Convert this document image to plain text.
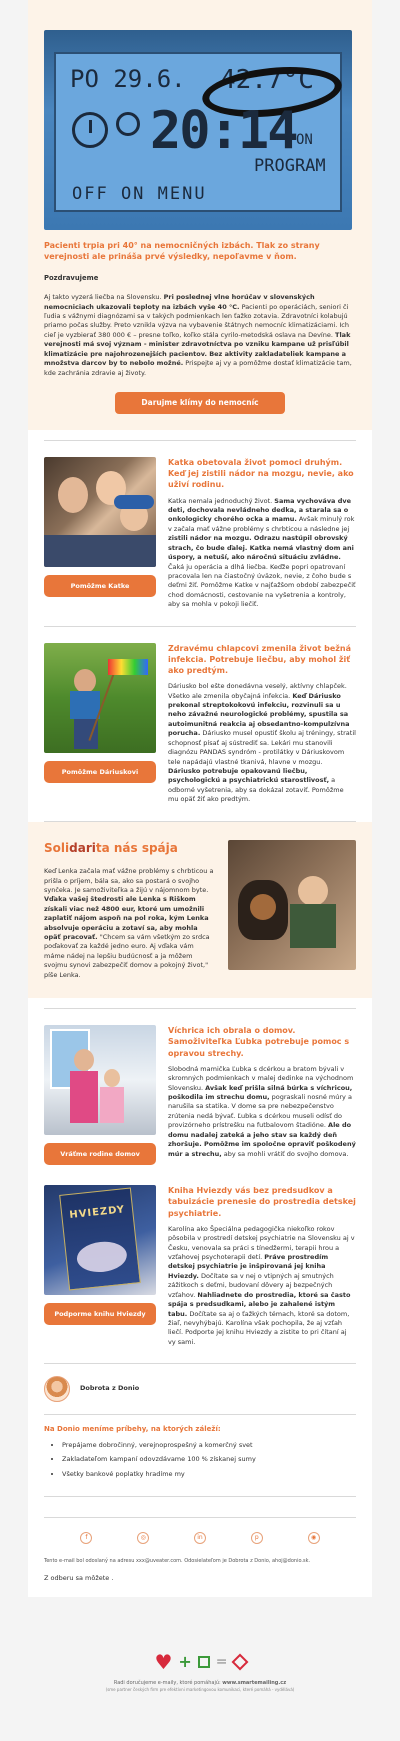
PO 29.6. 42.7°C
20:14 ON
PROGRAM
OFF ON MENU
Pacienti trpia pri 40° na nemocničných izbách. Tlak zo strany verejnosti ale prináša prvé výsledky, nepoľavme v ňom.
Pozdravujeme

Aj takto vyzerá liečba na Slovensku. Pri poslednej vlne horúčav v slovenských nemocniciach ukazovali teploty na izbách vyše 40 °C. Pacienti po operáciách, seniori či ľudia s vážnymi diagnózami sa v takých podmienkach len ťažko zotavia. Zdravotníci kolabujú priamo počas služby. Preto vznikla výzva na vybavenie štátnych nemocníc klimatizáciami. Ich cieľ je vyzbierať 380 000 € – presne toľko, koľko stála cyrilo-metodská oslava na Devíne. Tlak verejnosti má svoj význam - minister zdravotníctva po vzniku kampane už prisľúbil klimatizácie pre najohrozenejších pacientov. Bez aktivity zakladateliek kampane a množstva darcov by to nebolo možné. Prispejte aj vy a pomôžme dostať klimatizácie tam, kde zachránia zdravie aj životy.

Darujme klímy do nemocníc
Pomôžme Katke
Katka obetovala život pomoci druhým. Keď jej zistili nádor na mozgu, nevie, ako uživí rodinu.

Katka nemala jednoduchý život. Sama vychováva dve deti, dochovala nevládneho dedka, a starala sa o onkologicky chorého ocka a mamu. Avšak minulý rok v začala mať vážne problémy s chrbticou a následne jej zistili nádor na mozgu. Odrazu nastúpil obrovský strach, čo bude ďalej. Katka nemá vlastný dom ani úspory, a netuší, ako náročnú situáciu zvládne. Čaká ju operácia a dlhá liečba. Keďže popri opatrovaní pracovala len na čiastočný úväzok, nevie, z čoho bude s deťmi žiť. Pomôžme Katke v najťažšom období zabezpečiť chod domácnosti, cestovanie na vyšetrenia a kontroly, aby sa mohla v pokoji liečiť.

Pomôžme Dáriuskovi
Zdravému chlapcovi zmenila život bežná infekcia. Potrebuje liečbu, aby mohol žiť ako predtým.

Dáriusko bol ešte donedávna veselý, aktívny chlapček. Všetko ale zmenila obyčajná infekcia. Keď Dáriusko prekonal streptokokovú infekciu, rozvinuli sa u neho závažné neurologické problémy, spustila sa autoimunitná reakcia aj obsedantno-kompulzívna porucha. Dáriusko musel opustiť školu aj tréningy, stratil schopnosť písať aj sústrediť sa. Lekári mu stanovili diagnózu PANDAS syndróm - protilátky v Dáriuskovom tele napádajú vlastné tkanivá, hlavne v mozgu. Dáriusko potrebuje opakovanú liečbu, psychologickú a psychiatrickú starostlivosť, a odborné vyšetrenia, aby sa dokázal zotaviť. Pomôžme mu opäť žiť ako predtým.

Solidarita nás spája

Keď Lenka začala mať vážne problémy s chrbticou a prišla o príjem, bála sa, ako sa postará o svojho synčeka. Je samoživiteľka a žijú v nájomnom byte. Vďaka vašej štedrosti ale Lenka s Riškom získali viac než 4800 eur, ktoré um umožnili zaplatiť nájom aspoň na pol roka, kým Lenka absolvuje operáciu a zotaví sa, aby mohla opäť pracovať. "Chcem sa vám všetkým zo srdca poďakovať za každé jedno euro. Aj vďaka vám máme nádej na lepšiu budúcnosť a ja môžem svojmu synovi zabezpečiť domov a pokojný život," píše Lenka.

Vráťme rodine domov
Víchrica ich obrala o domov. Samoživiteľka Ľubka potrebuje pomoc s opravou strechy.

Slobodná mamička Ľubka s dcérkou a bratom bývali v skromných podmienkach v malej dedinke na východnom Slovensku. Avšak keď prišla silná búrka s víchricou, poškodila im strechu domu, pograskali nosné múry a narušila sa statika. V dome sa pre nebezpečenstvo zrútenia nedá bývať. Ľubka s dcérkou museli odísť do provizórneho prístrešku na futbalovom štadióne. Ale do domu nadalej zateká a jeho stav sa každý deň zhoršuje. Pomôžme im spoločne opraviť poškodený múr a strechu, aby sa mohli vrátiť do svojho domova.

HVIEZDY
Podporme knihu Hviezdy
Kniha Hviezdy vás bez predsudkov a tabuizácie prenesie do prostredia detskej psychiatrie.

Karolína ako Špeciálna pedagogička niekoľko rokov pôsobila v prostredí detskej psychiatrie na Slovensku aj v Česku, venovala sa práci s tínedžermi, terapii hrou a vzťahovej psychoterapii detí. Práve prostredím detskej psychiatrie je inšpirovaná jej kniha Hviezdy. Dočítate sa v nej o vtipných aj smutných zážitkoch s deťmi, budovaní dôvery aj bezpečných vzťahov. Nahliadnete do prostredia, ktoré sa často spája s predsudkami, alebo je zahalené istým tabu. Dočítate sa aj o ťažkých témach, ktoré sa dotom, žiaľ, nevyhýbajú. Karolína však pochopila, že aj vzťah liečí. Podporte jej knihu Hviezdy a zistite to pri čítaní aj vy sami.

Dobrota z Donio
Na Donio meníme príbehy, na ktorých záleží:
• Prepájame dobročinný, verejnoprospešný a komerčný svet
• Zakladateľom kampaní odovzdávame 100 % získanej sumy
• Všetky bankové poplatky hradíme my
f	◎	in	p	◉
Tento e-mail bol odoslaný na adresu xxx@uveater.com. Odosielateľom je Dobrota z Donio, ahoj@donio.sk.
Z odberu sa môžete .
♥ + =
Radi doručujeme e-maily, ktoré pomáhajú: www.smartemailing.cz
(sme partner českých firm pre efektívni marketingovou komunikaci, které pomáhá - vydělává)
